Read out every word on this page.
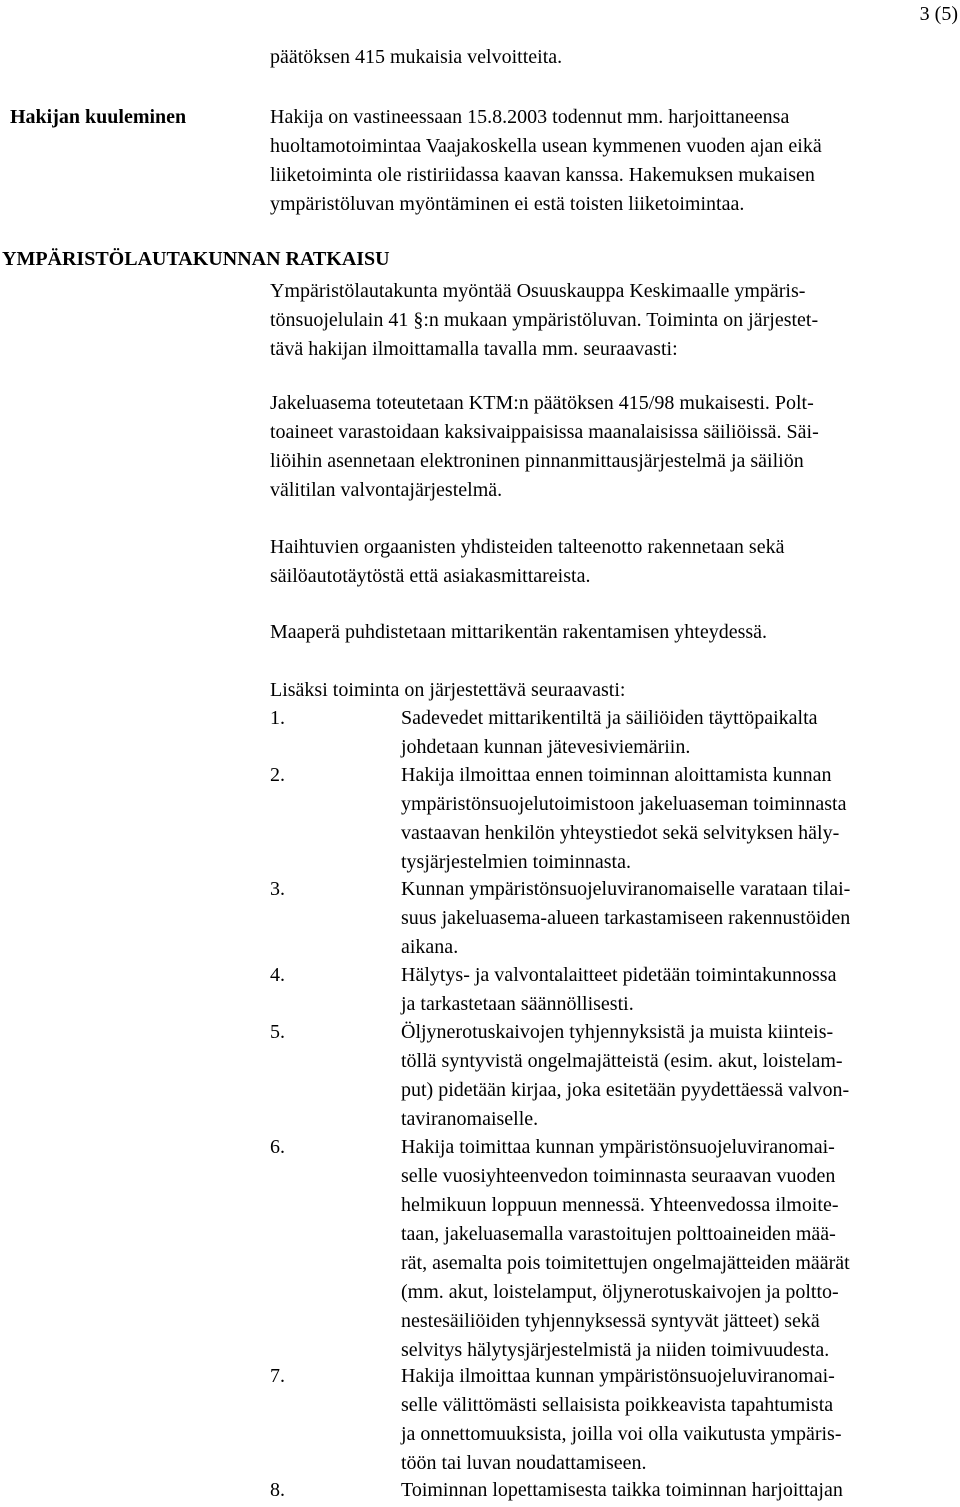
3 (5)
päätöksen 415 mukaisia velvoitteita.
Hakijan kuuleminen	Hakija on vastineessaan 15.8.2003 todennut mm. harjoittaneensa
huoltamotoimintaa Vaajakoskella usean kymmenen vuoden ajan eikä
liiketoiminta ole ristiriidassa kaavan kanssa. Hakemuksen mukaisen
ympäristöluvan myöntäminen ei estä toisten liiketoimintaa.
YMPÄRISTÖLAUTAKUNNAN RATKAISU
Ympäristölautakunta myöntää Osuuskauppa Keskimaalle ympäris-
tönsuojelulain 41 §:n mukaan ympäristöluvan. Toiminta on järjestet-
tävä hakijan ilmoittamalla tavalla mm. seuraavasti:
Jakeluasema toteutetaan KTM:n päätöksen 415/98 mukaisesti. Polt-
toaineet varastoidaan kaksivaippaisissa maanalaisissa säiliöissä. Säi-
liöihin asennetaan elektroninen pinnanmittausjärjestelmä ja säiliön
välitilan valvontajärjestelmä.
Haihtuvien orgaanisten yhdisteiden talteenotto rakennetaan sekä
säilöautotäytöstä että asiakasmittareista.
Maaperä puhdistetaan mittarikentän rakentamisen yhteydessä.
Lisäksi toiminta on järjestettävä seuraavasti:
1.	Sadevedet mittarikentiltä ja säiliöiden täyttöpaikalta
johdetaan kunnan jätevesiviemäriin.
2.	Hakija ilmoittaa ennen toiminnan aloittamista kunnan
ympäristönsuojelutoimistoon jakeluaseman toiminnasta
vastaavan henkilön yhteystiedot sekä selvityksen häly-
tysjärjestelmien toiminnasta.
3.	Kunnan ympäristönsuojeluviranomaiselle varataan tilai-
suus jakeluasema-alueen tarkastamiseen rakennustöiden
aikana.
4.	Hälytys- ja valvontalaitteet pidetään toimintakunnossa
ja tarkastetaan säännöllisesti.
5.	Öljynerotuskaivojen tyhjennyksistä ja muista kiinteis-
töllä syntyvistä ongelmajätteistä (esim. akut, loistelam-
put) pidetään kirjaa, joka esitetään pyydettäessä valvon-
taviranomaiselle.
6.	Hakija toimittaa kunnan ympäristönsuojeluviranomai-
selle vuosiyhteenvedon toiminnasta seuraavan vuoden
helmikuun loppuun mennessä. Yhteenvedossa ilmoite-
taan, jakeluasemalla varastoitujen polttoaineiden mää-
rät, asemalta pois toimitettujen ongelmajätteiden määrät
(mm. akut, loistelamput, öljynerotuskaivojen ja poltto-
nestesäiliöiden tyhjennyksessä syntyvät jätteet) sekä
selvitys hälytysjärjestelmistä ja niiden toimivuudesta.
7.	Hakija ilmoittaa kunnan ympäristönsuojeluviranomai-
selle välittömästi sellaisista poikkeavista tapahtumista
ja onnettomuuksista, joilla voi olla vaikutusta ympäris-
töön tai luvan noudattamiseen.
8.	Toiminnan lopettamisesta taikka toiminnan harjoittajan
